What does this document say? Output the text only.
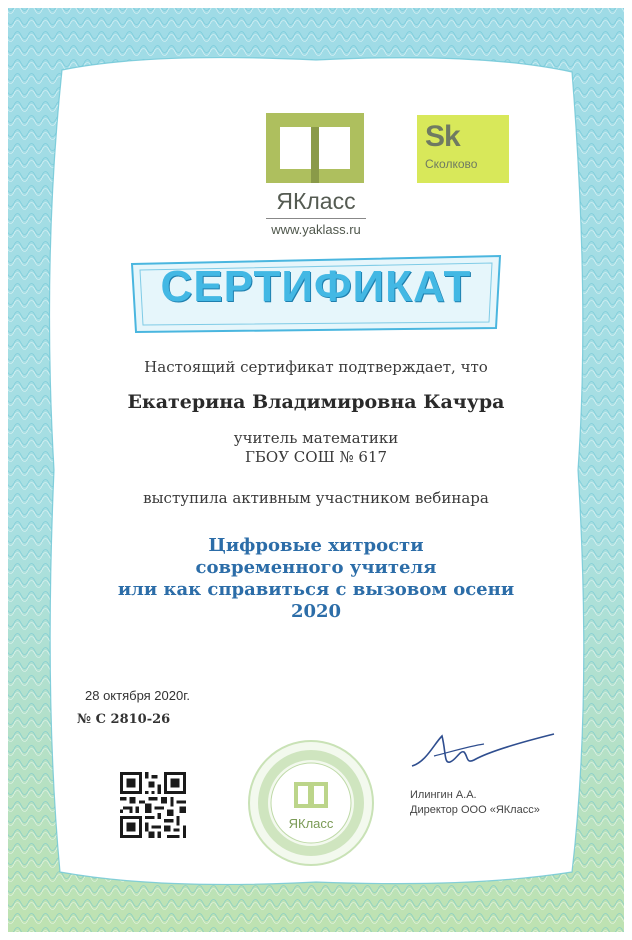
ЯКласс
www.yaklass.ru
Sk
Сколково
СЕРТИФИКАТ
Настоящий сертификат подтверждает, что
Екатерина Владимировна Качура
учитель математики
ГБОУ СОШ № 617
выступила активным участником вебинара
Цифровые хитрости
современного учителя
или как справиться с вызовом осени
2020
28 октября 2020г.
№ С 2810-26
Илингин А.А.
Директор ООО «ЯКласс»
ЯКласс
